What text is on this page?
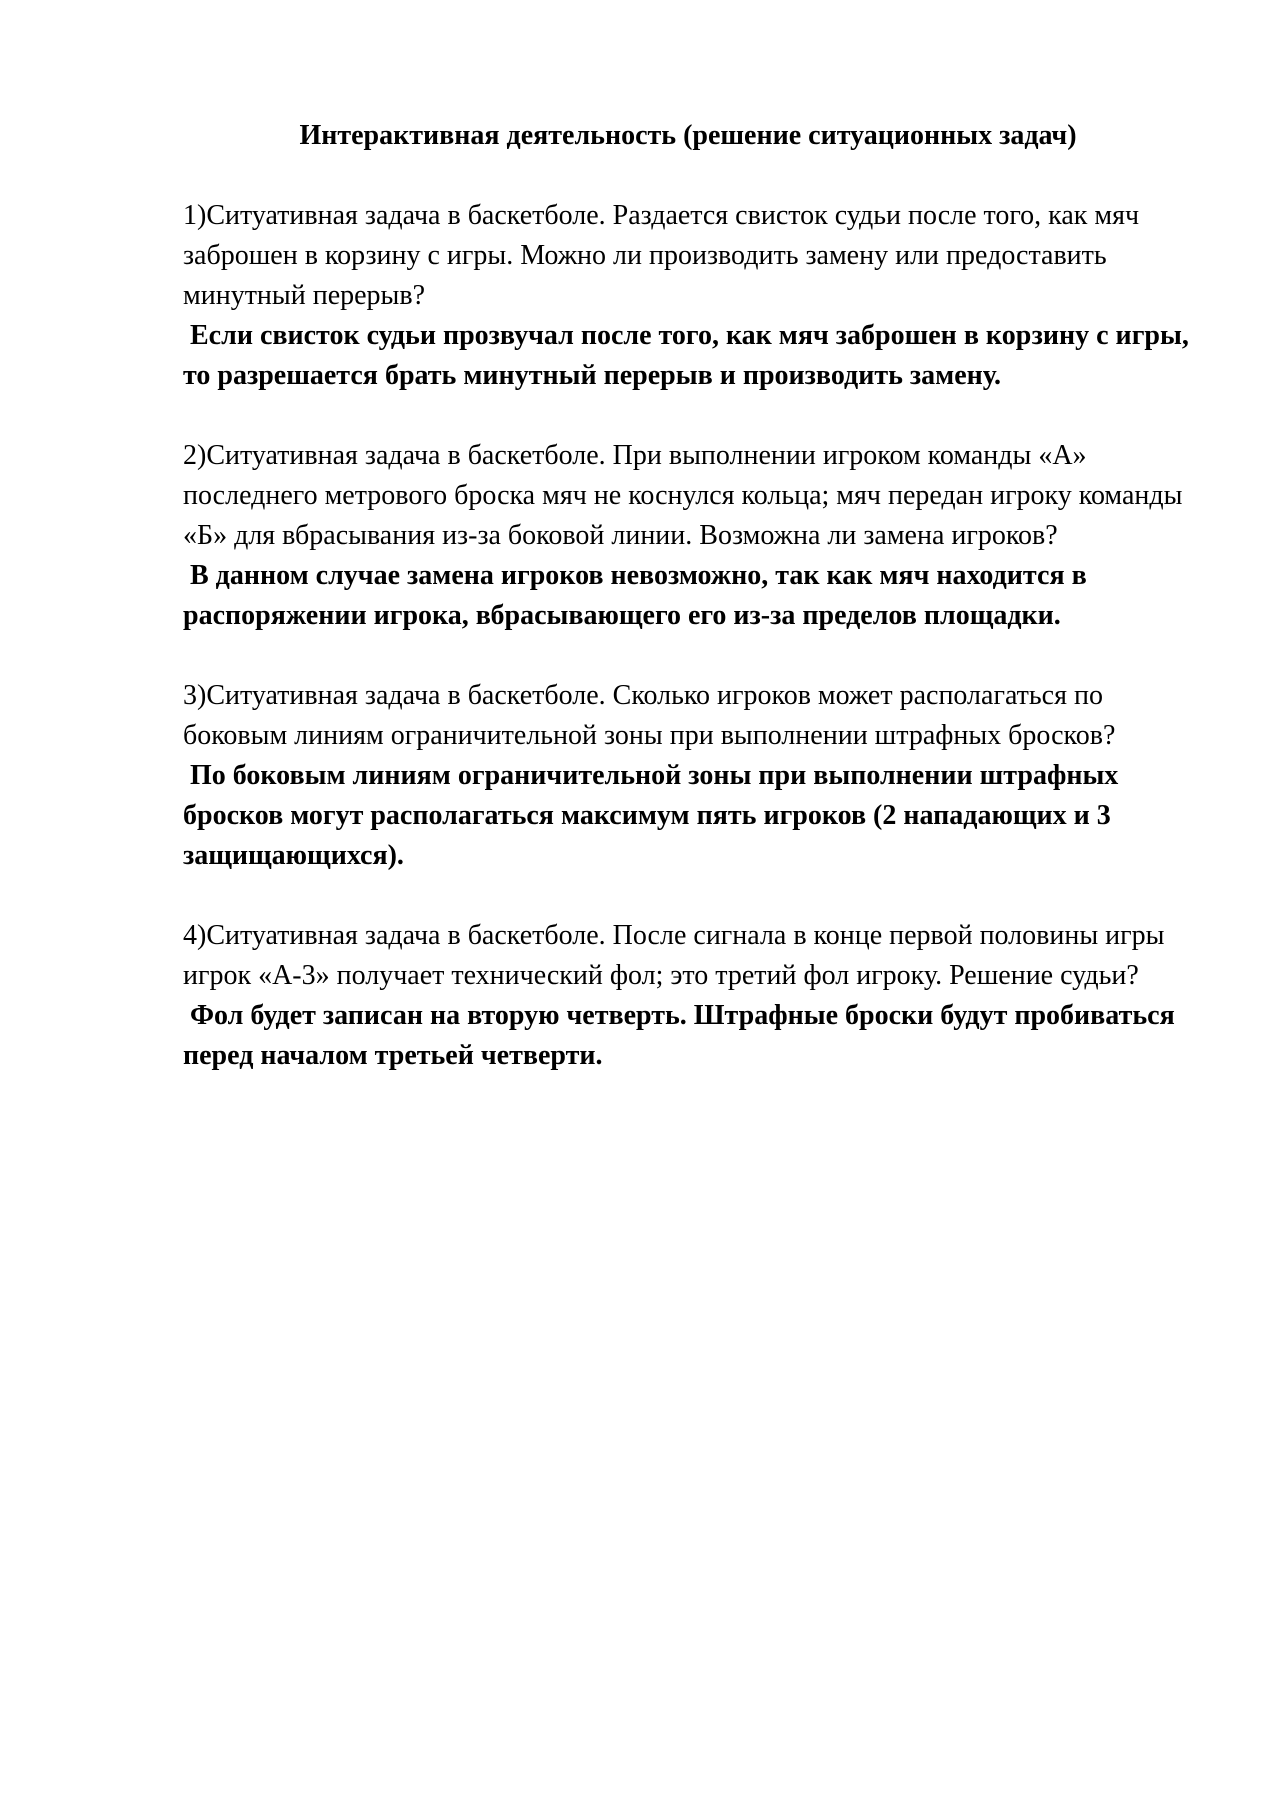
Интерактивная деятельность (решение ситуационных задач)

1)Ситуативная задача в баскетболе. Раздается свисток судьи после того, как мяч заброшен в корзину с игры. Можно ли производить замену или предоставить минутный перерыв?

Если свисток судьи прозвучал после того, как мяч заброшен в корзину с игры, то разрешается брать минутный перерыв и производить замену.

2)Ситуативная задача в баскетболе. При выполнении игроком команды «А» последнего метрового броска мяч не коснулся кольца; мяч передан игроку команды «Б» для вбрасывания из-за боковой линии. Возможна ли замена игроков?

В данном случае замена игроков невозможно, так как мяч находится в распоряжении игрока, вбрасывающего его из-за пределов площадки.

3)Ситуативная задача в баскетболе. Сколько игроков может располагаться по боковым линиям ограничительной зоны при выполнении штрафных бросков?

По боковым линиям ограничительной зоны при выполнении штрафных бросков могут располагаться максимум пять игроков (2 нападающих и 3 защищающихся).

4)Ситуативная задача в баскетболе. После сигнала в конце первой половины игры игрок «А-3» получает технический фол; это третий фол игроку. Решение судьи?

Фол будет записан на вторую четверть. Штрафные броски будут пробиваться перед началом третьей четверти.
